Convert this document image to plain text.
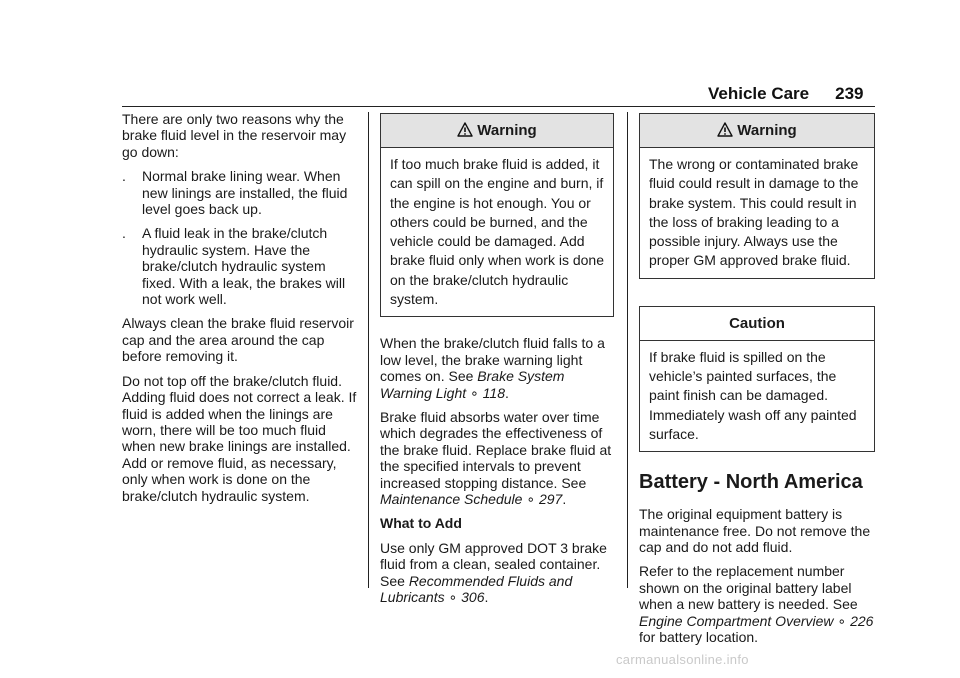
Vehicle Care 239

There are only two reasons why the brake fluid level in the reservoir may go down:

.	Normal brake lining wear. When new linings are installed, the fluid level goes back up.
.	A fluid leak in the brake/clutch hydraulic system. Have the brake/clutch hydraulic system fixed. With a leak, the brakes will not work well.

Always clean the brake fluid reservoir cap and the area around the cap before removing it.

Do not top off the brake/clutch fluid. Adding fluid does not correct a leak. If fluid is added when the linings are worn, there will be too much fluid when new brake linings are installed. Add or remove fluid, as necessary, only when work is done on the brake/clutch hydraulic system.

Warning
If too much brake fluid is added, it can spill on the engine and burn, if the engine is hot enough. You or others could be burned, and the vehicle could be damaged. Add brake fluid only when work is done on the brake/clutch hydraulic system.

When the brake/clutch fluid falls to a low level, the brake warning light comes on. See Brake System Warning Light ∘ 118.

Brake fluid absorbs water over time which degrades the effectiveness of the brake fluid. Replace brake fluid at the specified intervals to prevent increased stopping distance. See Maintenance Schedule ∘ 297.

What to Add

Use only GM approved DOT 3 brake fluid from a clean, sealed container. See Recommended Fluids and Lubricants ∘ 306.

Warning
The wrong or contaminated brake fluid could result in damage to the brake system. This could result in the loss of braking leading to a possible injury. Always use the proper GM approved brake fluid.
Caution
If brake fluid is spilled on the vehicle’s painted surfaces, the paint finish can be damaged. Immediately wash off any painted surface.
Battery - North America

The original equipment battery is maintenance free. Do not remove the cap and do not add fluid.

Refer to the replacement number shown on the original battery label when a new battery is needed. See Engine Compartment Overview ∘ 226 for battery location.

carmanualsonline.info
